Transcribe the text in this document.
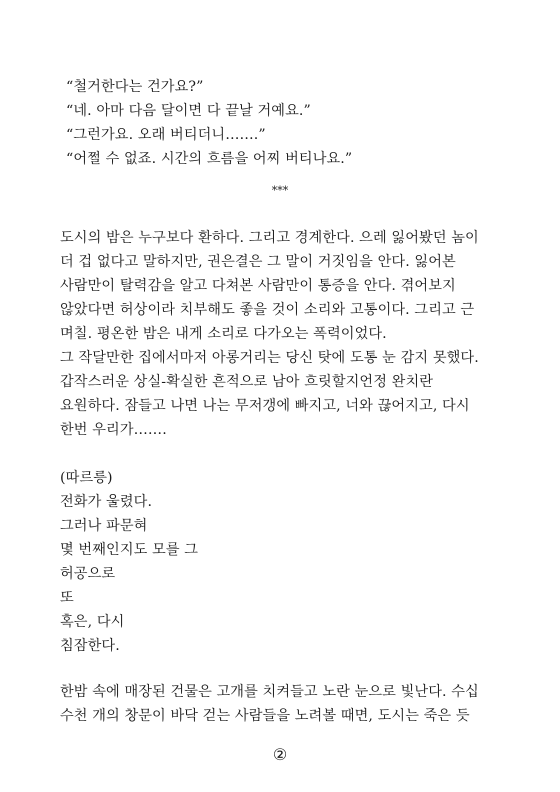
“철거한다는 건가요?”
“네. 아마 다음 달이면 다 끝날 거예요.”
“그런가요. 오래 버티더니…….”
“어쩔 수 없죠. 시간의 흐름을 어찌 버티나요.”
***
도시의 밤은 누구보다 환하다. 그리고 경계한다. 으레 잃어봤던 놈이
더 겁 없다고 말하지만, 권은결은 그 말이 거짓임을 안다. 잃어본
사람만이 탈력감을 알고 다쳐본 사람만이 통증을 안다. 겪어보지
않았다면 허상이라 치부해도 좋을 것이 소리와 고통이다. 그리고 근
며칠. 평온한 밤은 내게 소리로 다가오는 폭력이었다.
그 작달만한 집에서마저 아롱거리는 당신 탓에 도통 눈 감지 못했다.
갑작스러운 상실-확실한 흔적으로 남아 흐릿할지언정 완치란
요원하다. 잠들고 나면 나는 무저갱에 빠지고, 너와 끊어지고, 다시
한번 우리가…….
(따르릉)
전화가 울렸다.
그러나 파문혀
몇 번째인지도 모를 그
허공으로
또
혹은, 다시
침잠한다.
한밤 속에 매장된 건물은 고개를 치켜들고 노란 눈으로 빛난다. 수십
수천 개의 창문이 바닥 걷는 사람들을 노려볼 때면, 도시는 죽은 듯
②
